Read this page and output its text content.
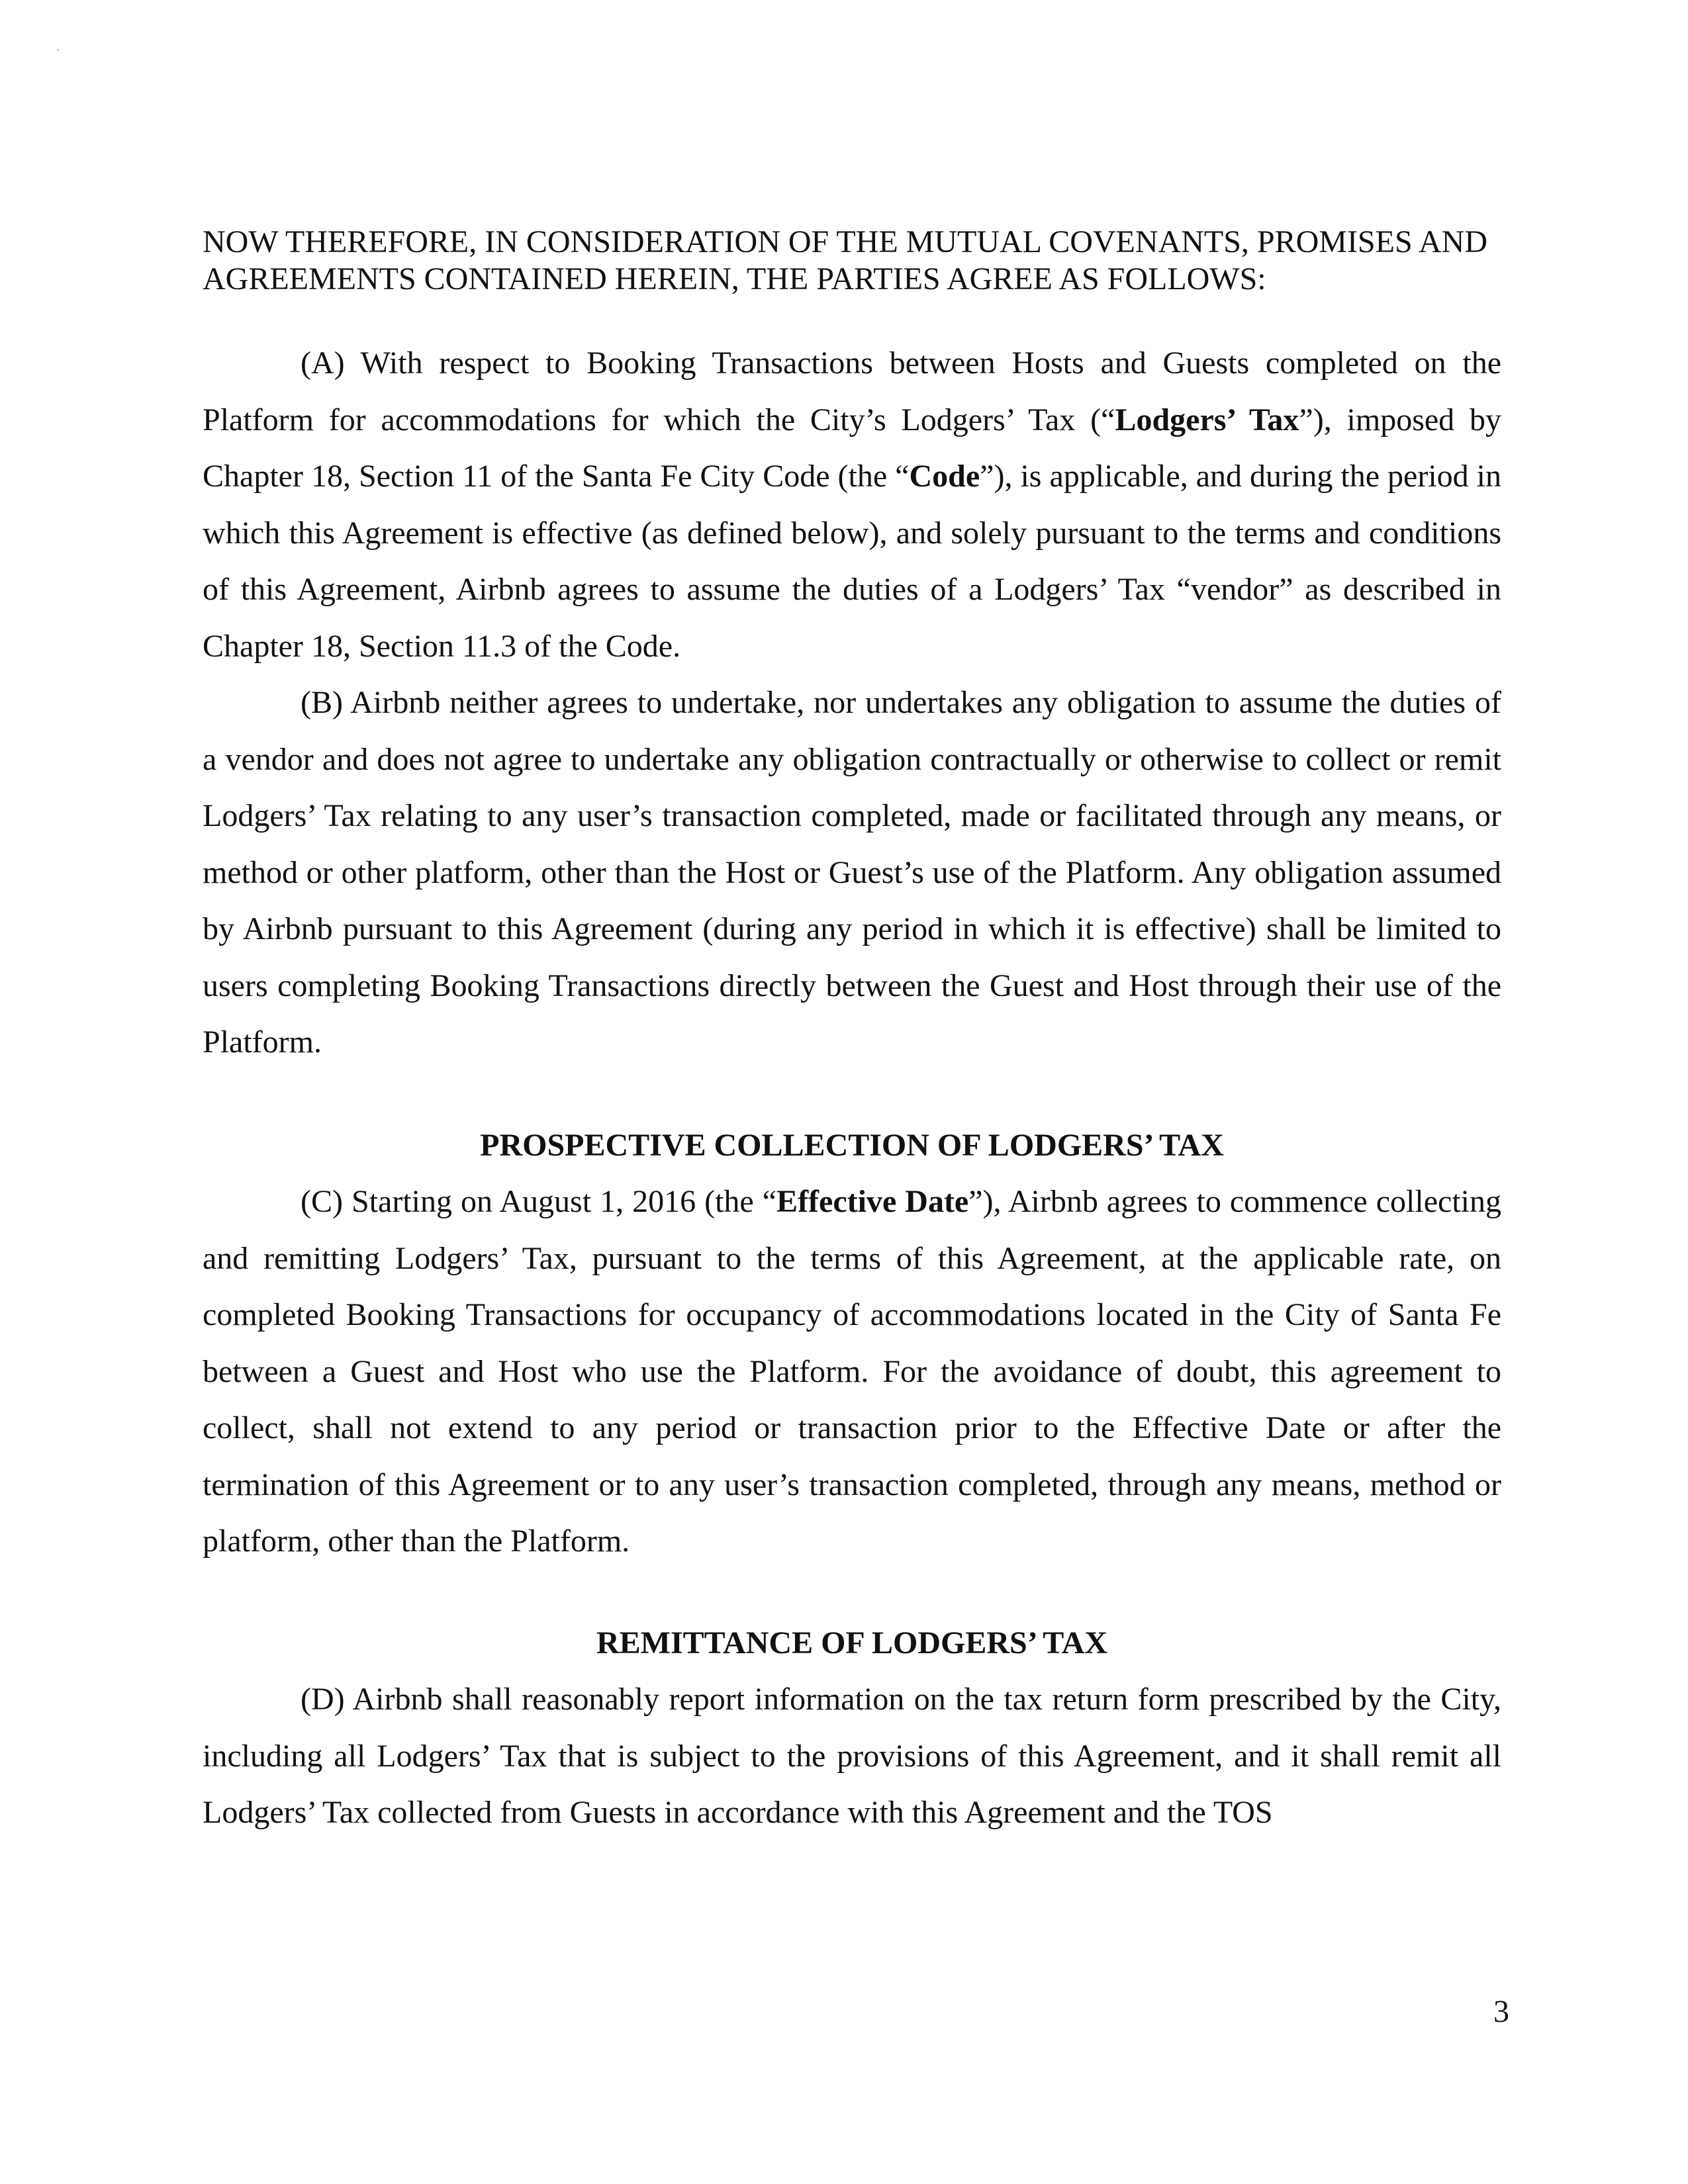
NOW THEREFORE, IN CONSIDERATION OF THE MUTUAL COVENANTS, PROMISES AND AGREEMENTS CONTAINED HEREIN, THE PARTIES AGREE AS FOLLOWS:

(A) With respect to Booking Transactions between Hosts and Guests completed on the Platform for accommodations for which the City’s Lodgers’ Tax (“Lodgers’ Tax”), imposed by Chapter 18, Section 11 of the Santa Fe City Code (the “Code”), is applicable, and during the period in which this Agreement is effective (as defined below), and solely pursuant to the terms and conditions of this Agreement, Airbnb agrees to assume the duties of a Lodgers’ Tax “vendor” as described in Chapter 18, Section 11.3 of the Code.

(B) Airbnb neither agrees to undertake, nor undertakes any obligation to assume the duties of a vendor and does not agree to undertake any obligation contractually or otherwise to collect or remit Lodgers’ Tax relating to any user’s transaction completed, made or facilitated through any means, or method or other platform, other than the Host or Guest’s use of the Platform. Any obligation assumed by Airbnb pursuant to this Agreement (during any period in which it is effective) shall be limited to users completing Booking Transactions directly between the Guest and Host through their use of the Platform.

PROSPECTIVE COLLECTION OF LODGERS’ TAX

(C) Starting on August 1, 2016 (the “Effective Date”), Airbnb agrees to commence collecting and remitting Lodgers’ Tax, pursuant to the terms of this Agreement, at the applicable rate, on completed Booking Transactions for occupancy of accommodations located in the City of Santa Fe between a Guest and Host who use the Platform. For the avoidance of doubt, this agreement to collect, shall not extend to any period or transaction prior to the Effective Date or after the termination of this Agreement or to any user’s transaction completed, through any means, method or platform, other than the Platform.

REMITTANCE OF LODGERS’ TAX

(D) Airbnb shall reasonably report information on the tax return form prescribed by the City, including all Lodgers’ Tax that is subject to the provisions of this Agreement, and it shall remit all Lodgers’ Tax collected from Guests in accordance with this Agreement and the TOS

3
